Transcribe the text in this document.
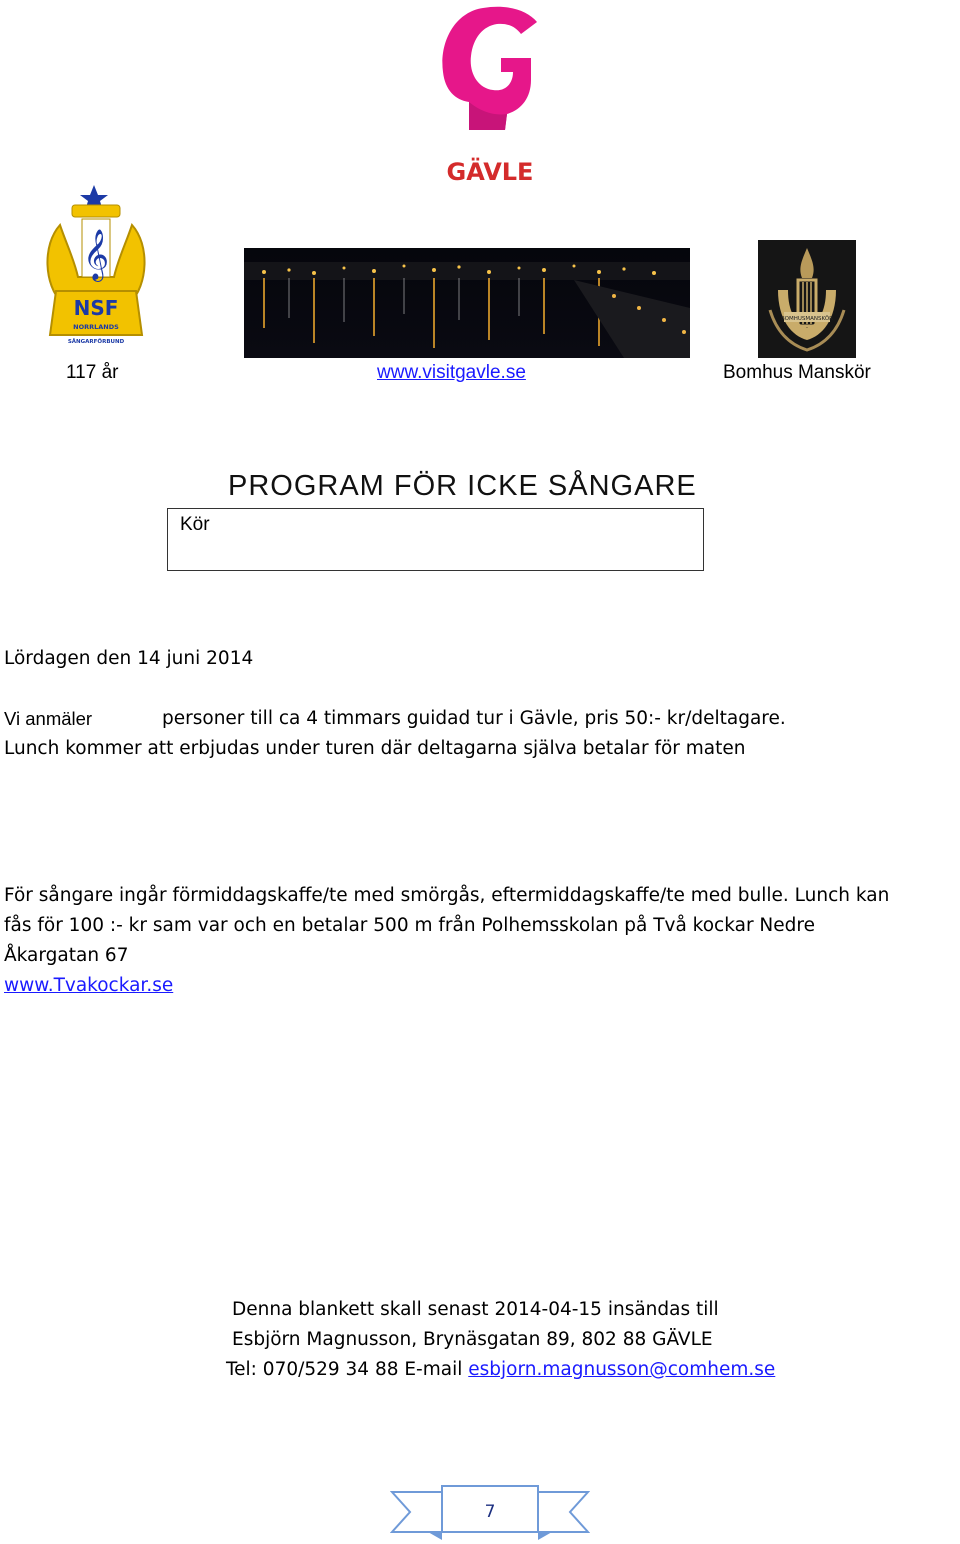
GÄVLE
𝄞
NSF
NORRLANDS
SÅNGARFÖRBUND
BOMHUSMANSKÖR
117 år	www.visitgavle.se	Bomhus Manskör
PROGRAM FÖR ICKE SÅNGARE
Kör
Lördagen den 14 juni 2014
Vi anmäler	personer till ca 4 timmars guidad tur i Gävle, pris 50:- kr/deltagare.
Lunch kommer att erbjudas under turen där deltagarna själva betalar för maten
För sångare ingår förmiddagskaffe/te med smörgås, eftermiddagskaffe/te med bulle. Lunch kan
fås för 100 :- kr sam var och en betalar 500 m från Polhemsskolan på Två kockar Nedre
Åkargatan 67
www.Tvakockar.se
Denna blankett skall senast 2014-04-15 insändas till
Esbjörn Magnusson, Brynäsgatan 89, 802 88 GÄVLE
Tel: 070/529 34 88 E-mail esbjorn.magnusson@comhem.se
7
